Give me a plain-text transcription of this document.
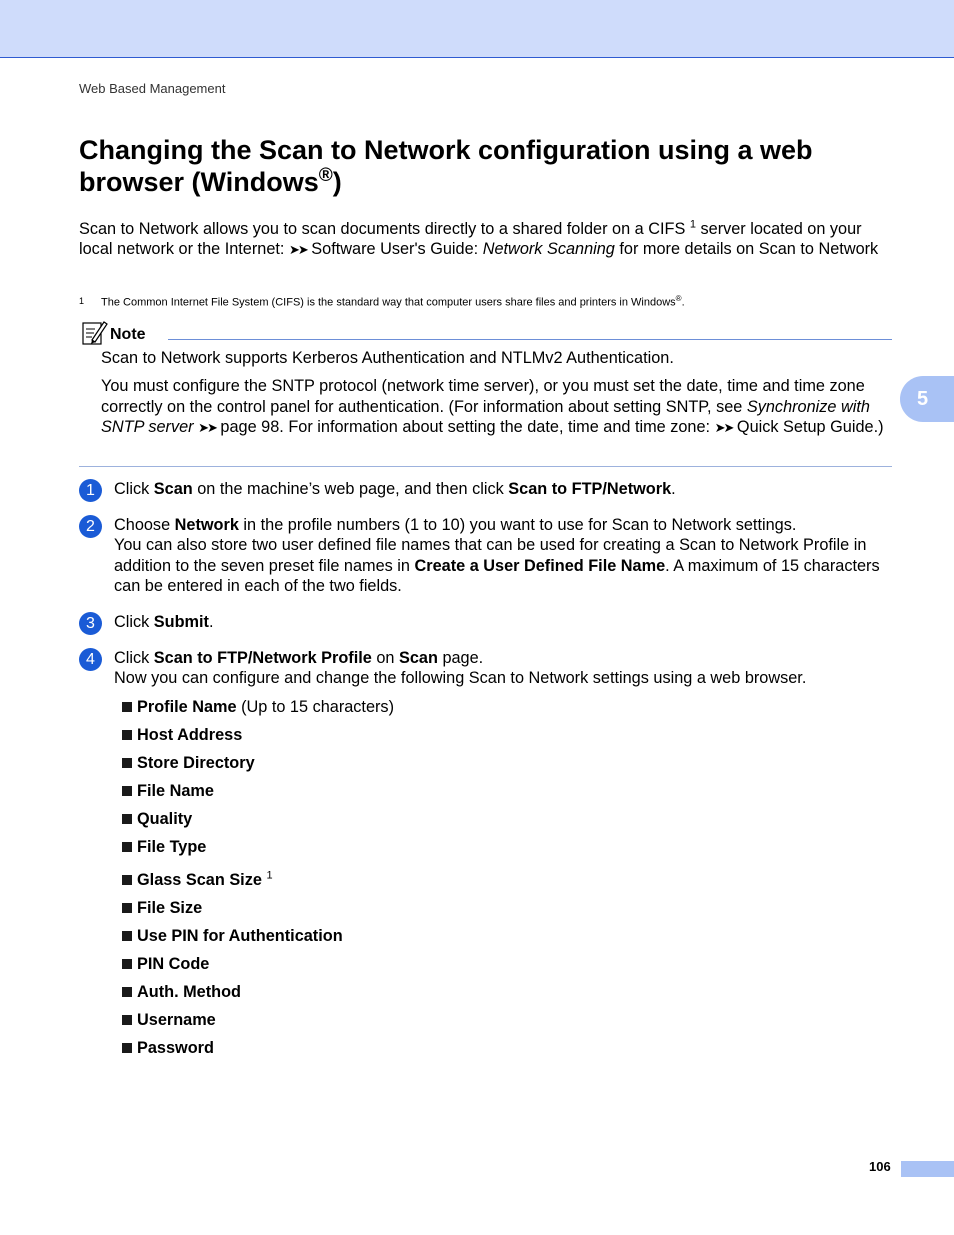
Web Based Management
Changing the Scan to Network configuration using a web browser (Windows®)
Scan to Network allows you to scan documents directly to a shared folder on a CIFS $^1$ server located on your local network or the Internet: ➤➤ Software User's Guide: Network Scanning for more details on Scan to Network
1 The Common Internet File System (CIFS) is the standard way that computer users share files and printers in Windows®.
Note

Scan to Network supports Kerberos Authentication and NTLMv2 Authentication.

You must configure the SNTP protocol (network time server), or you must set the date, time and time zone correctly on the control panel for authentication. (For information about setting SNTP, see Synchronize with SNTP server ➤➤ page 98. For information about setting the date, time and time zone: ➤➤ Quick Setup Guide.)

1	Click Scan on the machine’s web page, and then click Scan to FTP/Network.
2	Choose Network in the profile numbers (1 to 10) you want to use for Scan to Network settings.
You can also store two user defined file names that can be used for creating a Scan to Network Profile in addition to the seven preset file names in Create a User Defined File Name. A maximum of 15 characters can be entered in each of the two fields.
3	Click Submit.
4	Click Scan to FTP/Network Profile on Scan page.
Now you can configure and change the following Scan to Network settings using a web browser.
Profile Name (Up to 15 characters)
Host Address
Store Directory
File Name
Quality
File Type
Glass Scan Size $^1$
File Size
Use PIN for Authentication
PIN Code
Auth. Method
Username
Password
5
106
